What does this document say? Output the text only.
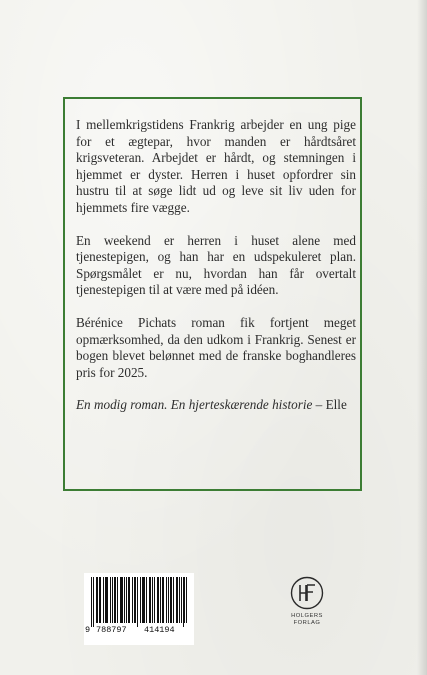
I mellemkrigstidens Frankrig arbejder en ung pige for et ægtepar, hvor manden er hårdtsåret krigsveteran. Arbejdet er hårdt, og stemningen i hjemmet er dyster. Herren i huset opfordrer sin hustru til at søge lidt ud og leve sit liv uden for hjemmets fire vægge.

En weekend er herren i huset alene med tjenestepigen, og han har en udspekuleret plan. Spørgsmålet er nu, hvordan han får overtalt tjenestepigen til at være med på idéen.

Bérénice Pichats roman fik fortjent meget opmærksomhed, da den udkom i Frankrig. Senest er bogen blevet belønnet med de franske boghandleres pris for 2025.

En modig roman. En hjerteskærende historie – Elle

9 788797 414194
HOLGERS
FORLAG
